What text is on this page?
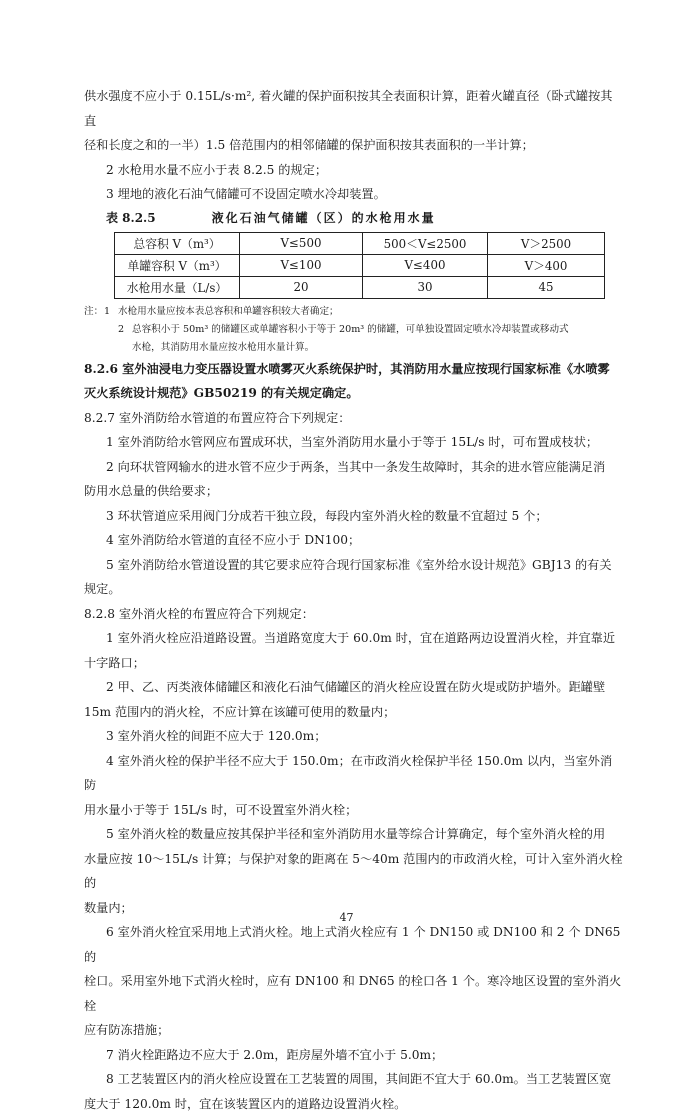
供水强度不应小于 0.15L/s·m², 着火罐的保护面积按其全表面积计算，距着火罐直径（卧式罐按其直

径和长度之和的一半）1.5 倍范围内的相邻储罐的保护面积按其表面积的一半计算；

2 水枪用水量不应小于表 8.2.5 的规定；

3 埋地的液化石油气储罐可不设固定喷水冷却装置。

表 8.2.5	液化石油气储罐（区）的水枪用水量

总容积 V（m³）	V≤500	500＜V≤2500	V＞2500
单罐容积 V（m³）	V≤100	V≤400	V＞400
水枪用水量（L/s）	20	30	45

注：1 水枪用水量应按本表总容积和单罐容积较大者确定；

2 总容积小于 50m³ 的储罐区或单罐容积小于等于 20m³ 的储罐，可单独设置固定喷水冷却装置或移动式

水枪，其消防用水量应按水枪用水量计算。

8.2.6 室外油浸电力变压器设置水喷雾灭火系统保护时，其消防用水量应按现行国家标准《水喷雾

灭火系统设计规范》GB50219 的有关规定确定。

8.2.7 室外消防给水管道的布置应符合下列规定：

1 室外消防给水管网应布置成环状，当室外消防用水量小于等于 15L/s 时，可布置成枝状；

2 向环状管网输水的进水管不应少于两条，当其中一条发生故障时，其余的进水管应能满足消

防用水总量的供给要求；

3 环状管道应采用阀门分成若干独立段，每段内室外消火栓的数量不宜超过 5 个；

4 室外消防给水管道的直径不应小于 DN100；

5 室外消防给水管道设置的其它要求应符合现行国家标准《室外给水设计规范》GBJ13 的有关

规定。

8.2.8 室外消火栓的布置应符合下列规定：

1 室外消火栓应沿道路设置。当道路宽度大于 60.0m 时，宜在道路两边设置消火栓，并宜靠近

十字路口；

2 甲、乙、丙类液体储罐区和液化石油气储罐区的消火栓应设置在防火堤或防护墙外。距罐壁

15m 范围内的消火栓，不应计算在该罐可使用的数量内；

3 室外消火栓的间距不应大于 120.0m；

4 室外消火栓的保护半径不应大于 150.0m；在市政消火栓保护半径 150.0m 以内，当室外消防

用水量小于等于 15L/s 时，可不设置室外消火栓；

5 室外消火栓的数量应按其保护半径和室外消防用水量等综合计算确定，每个室外消火栓的用

水量应按 10～15L/s 计算；与保护对象的距离在 5～40m 范围内的市政消火栓，可计入室外消火栓的

数量内；

6 室外消火栓宜采用地上式消火栓。地上式消火栓应有 1 个 DN150 或 DN100 和 2 个 DN65 的

栓口。采用室外地下式消火栓时，应有 DN100 和 DN65 的栓口各 1 个。寒冷地区设置的室外消火栓

应有防冻措施；

7 消火栓距路边不应大于 2.0m，距房屋外墙不宜小于 5.0m；

8 工艺装置区内的消火栓应设置在工艺装置的周围，其间距不宜大于 60.0m。当工艺装置区宽

度大于 120.0m 时，宜在该装置区内的道路边设置消火栓。

47
